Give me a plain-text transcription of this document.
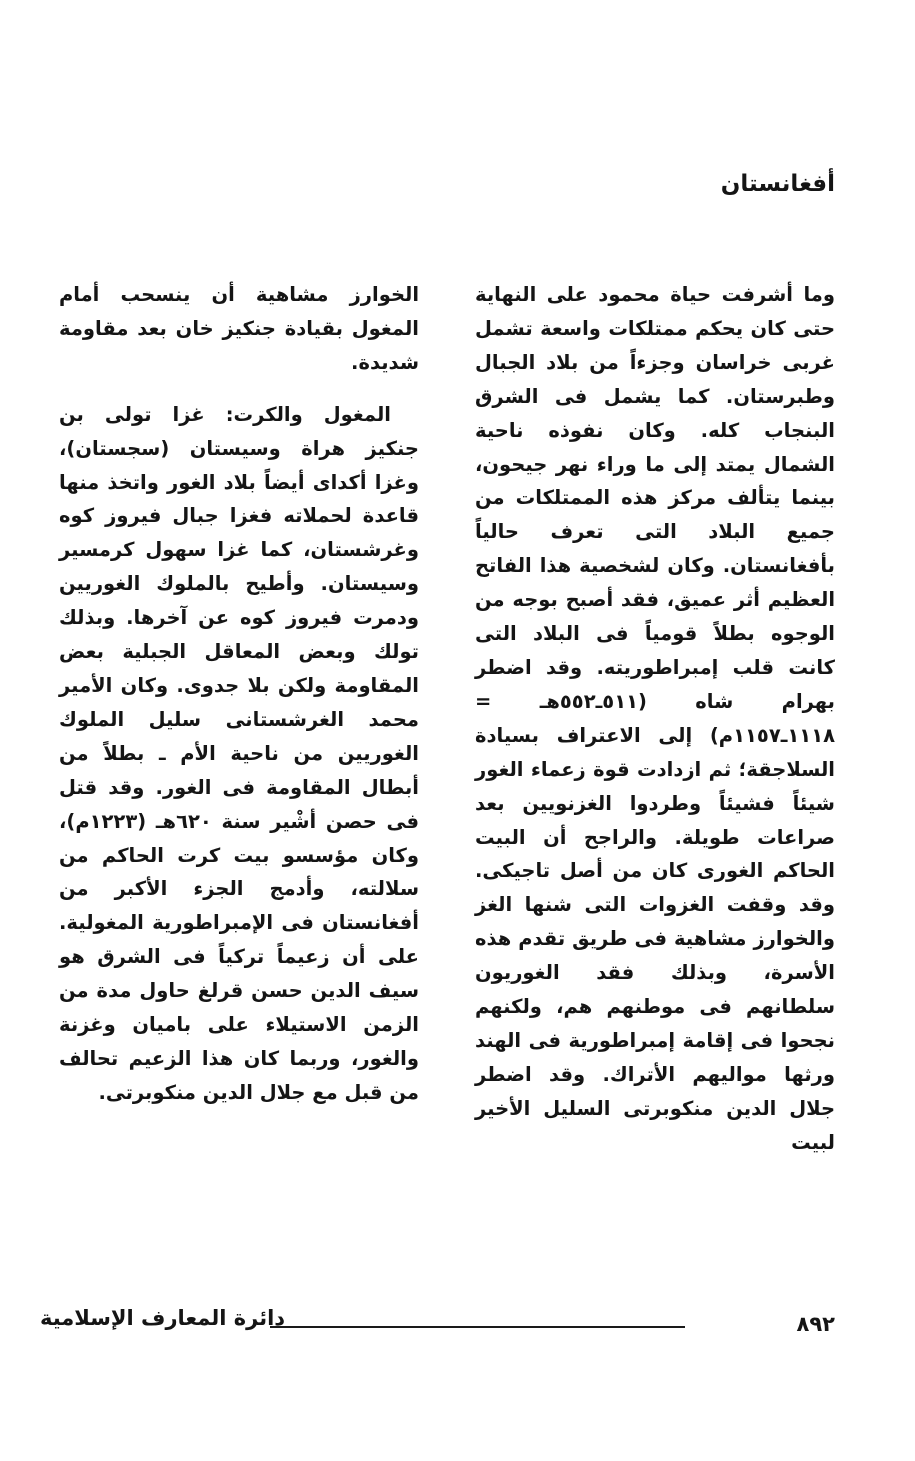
أفغانستان

وما أشرفت حياة محمود على النهاية حتى كان يحكم ممتلكات واسعة تشمل غربى خراسان وجزءاً من بلاد الجبال وطبرستان. كما يشمل فى الشرق البنجاب كله. وكان نفوذه ناحية الشمال يمتد إلى ما وراء نهر جيحون، بينما يتألف مركز هذه الممتلكات من جميع البلاد التى تعرف حالياً بأفغانستان. وكان لشخصية هذا الفاتح العظيم أثر عميق، فقد أصبح بوجه من الوجوه بطلاً قومياً فى البلاد التى كانت قلب إمبراطوريته. وقد اضطر بهرام شاه (٥١١ـ٥٥٢هـ = ١١١٨ـ١١٥٧م) إلى الاعتراف بسيادة السلاجقة؛ ثم ازدادت قوة زعماء الغور شيئاً فشيئاً وطردوا الغزنويين بعد صراعات طويلة. والراجح أن البيت الحاكم الغورى كان من أصل تاجيكى. وقد وقفت الغزوات التى شنها الغز والخوارز مشاهية فى طريق تقدم هذه الأسرة، وبذلك فقد الغوريون سلطانهم فى موطنهم هم، ولكنهم نجحوا فى إقامة إمبراطورية فى الهند ورثها مواليهم الأتراك. وقد اضطر جلال الدين منكوبرتى السليل الأخير لبيت

الخوارز مشاهية أن ينسحب أمام المغول بقيادة جنكيز خان بعد مقاومة شديدة.

المغول والكرت: غزا تولى بن جنكيز هراة وسيستان (سجستان)، وغزا أكداى أيضاً بلاد الغور واتخذ منها قاعدة لحملاته فغزا جبال فيروز كوه وغرشستان، كما غزا سهول كرمسير وسيستان. وأطيح بالملوك الغوريين ودمرت فيروز كوه عن آخرها. وبذلك تولك وبعض المعاقل الجبلية بعض المقاومة ولكن بلا جدوى. وكان الأمير محمد الغرشستانى سليل الملوك الغوريين من ناحية الأم ـ بطلاً من أبطال المقاومة فى الغور. وقد قتل فى حصن أشْير سنة ٦٢٠هـ (١٢٢٣م)، وكان مؤسسو بيت كرت الحاكم من سلالته، وأدمج الجزء الأكبر من أفغانستان فى الإمبراطورية المغولية. على أن زعيماً تركياً فى الشرق هو سيف الدين حسن قرلغ حاول مدة من الزمن الاستيلاء على باميان وغزنة والغور، وربما كان هذا الزعيم تحالف من قبل مع جلال الدين منكوبرتى.

٨٩٢
دائرة المعارف الإسلامية
